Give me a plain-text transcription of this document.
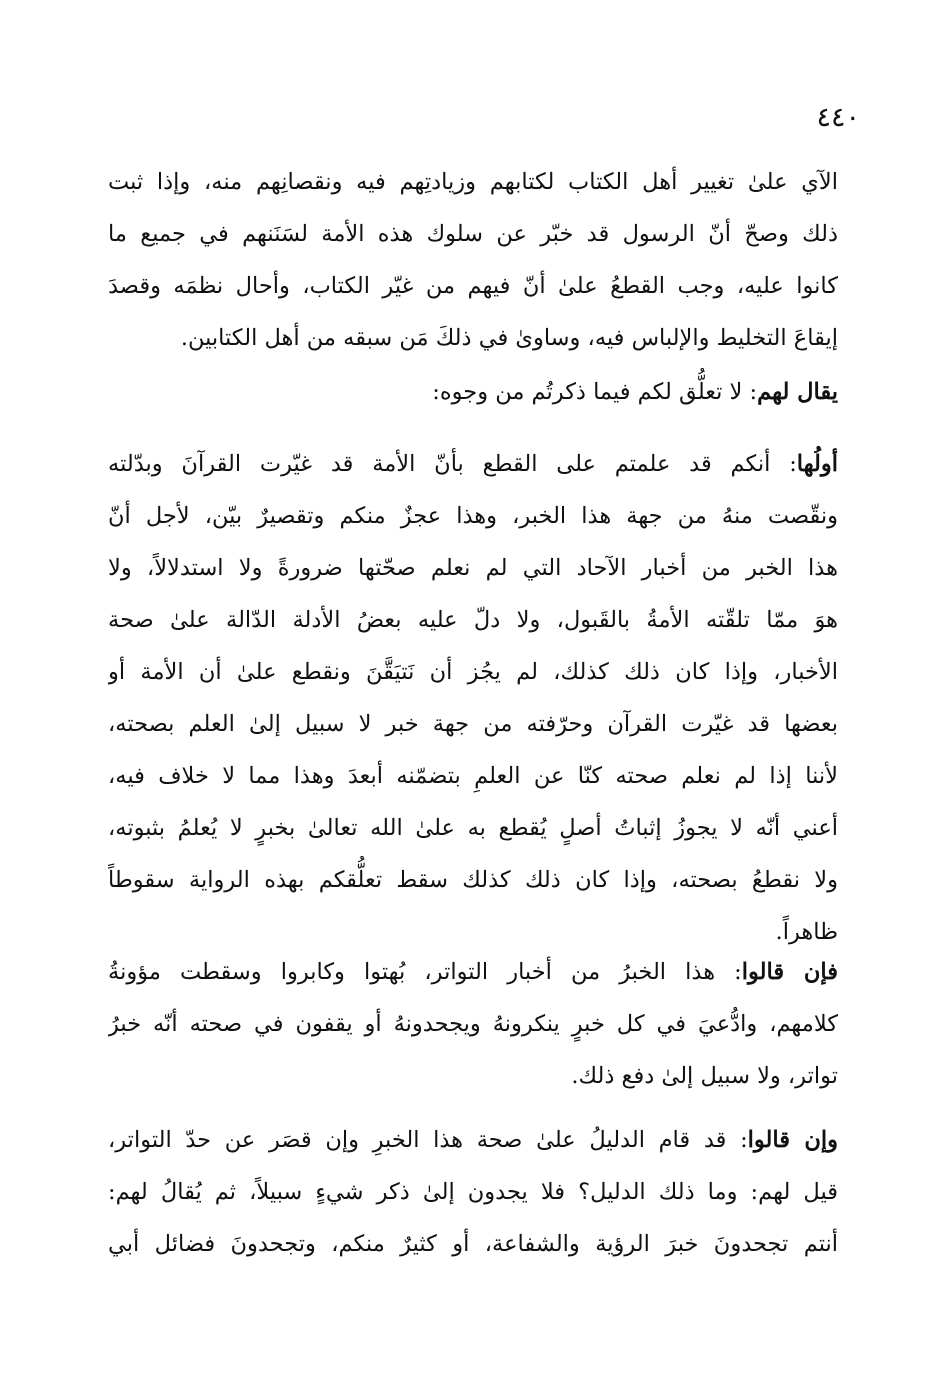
٤٤٠
الآي علىٰ تغيير أهل الكتاب لكتابهم وزيادتِهم فيه ونقصانِهم منه، وإذا ثبت
ذلك وصحّ أنّ الرسول قد خبّر عن سلوك هذه الأمة لسَنَنهم في جميع ما
كانوا عليه، وجب القطعُ علىٰ أنّ فيهم من غيّر الكتاب، وأحال نظمَه وقصدَ
إيقاعَ التخليط والإلباس فيه، وساوىٰ في ذلكَ مَن سبقه من أهل الكتابين.
يقال لهم: لا تعلُّق لكم فيما ذكرتُم من وجوه:
أولُها: أنكم قد علمتم على القطع بأنّ الأمة قد غيّرت القرآنَ وبدّلته
ونقّصت منهُ من جهة هذا الخبر، وهذا عجزٌ منكم وتقصيرٌ بيّن، لأجل أنّ
هذا الخبر من أخبار الآحاد التي لم نعلم صحّتها ضرورةً ولا استدلالاً، ولا
هوَ ممّا تلقّته الأمةُ بالقَبول، ولا دلّ عليه بعضُ الأدلة الدّالة علىٰ صحة
الأخبار، وإذا كان ذلك كذلك، لم يجُز أن نَتيَقَّنَ ونقطع علىٰ أن الأمة أو
بعضها قد غيّرت القرآن وحرّفته من جهة خبر لا سبيل إلىٰ العلم بصحته،
لأننا إذا لم نعلم صحته كنّا عن العلمِ بتضمّنه أبعدَ وهذا مما لا خلاف فيه،
أعني أنّه لا يجوزُ إثباتُ أصلٍ يُقطع به علىٰ الله تعالىٰ بخبرٍ لا يُعلمُ بثبوته،
ولا نقطعُ بصحته، وإذا كان ذلك كذلك سقط تعلُّقكم بهذه الرواية سقوطاً
ظاهراً.
فإن قالوا: هذا الخبرُ من أخبار التواتر، بُهتوا وكابروا وسقطت مؤونةُ
كلامهم، وادُّعيَ في كل خبرٍ ينكرونهُ ويجحدونهُ أو يقفون في صحته أنّه خبرُ
تواتر، ولا سبيل إلىٰ دفع ذلك.
وإن قالوا: قد قام الدليلُ علىٰ صحة هذا الخبرِ وإن قصَر عن حدّ التواتر،
قيل لهم: وما ذلك الدليل؟ فلا يجدون إلىٰ ذكر شيءٍ سبيلاً، ثم يُقالُ لهم:
أنتم تجحدونَ خبرَ الرؤية والشفاعة، أو كثيرٌ منكم، وتجحدونَ فضائل أبي
